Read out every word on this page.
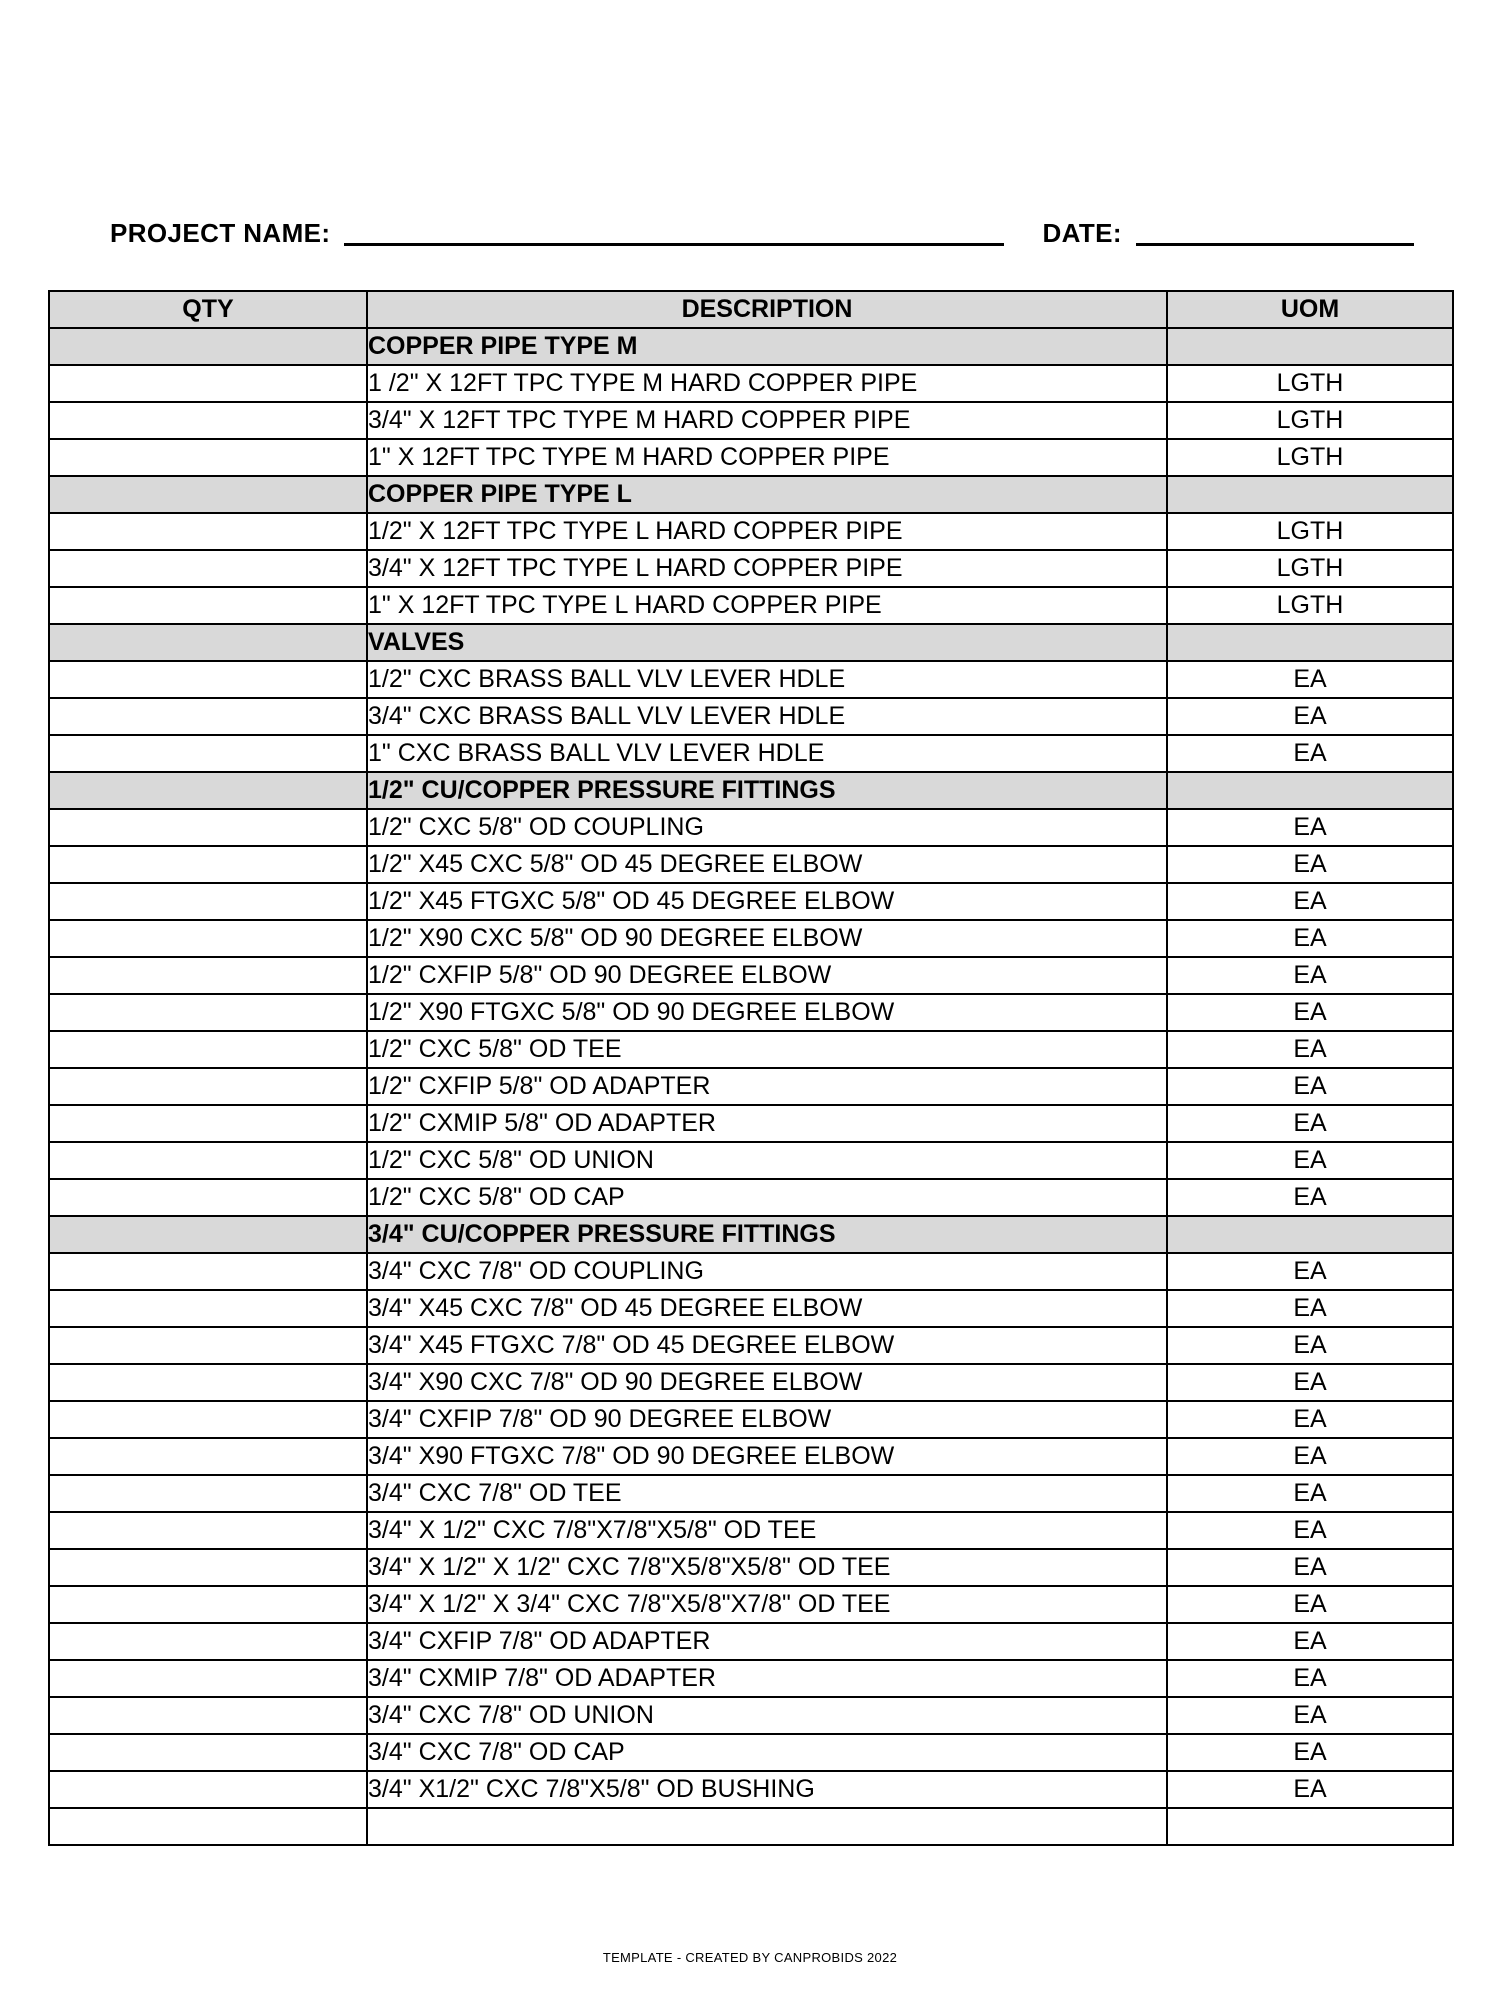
PROJECT NAME:	DATE:
QTY	DESCRIPTION	UOM
	COPPER PIPE TYPE M	
	1 /2" X 12FT TPC TYPE M HARD COPPER PIPE	LGTH
	3/4" X 12FT TPC TYPE M HARD COPPER PIPE	LGTH
	1" X 12FT TPC TYPE M HARD COPPER PIPE	LGTH
	COPPER PIPE TYPE L	
	1/2" X 12FT TPC TYPE L HARD COPPER PIPE	LGTH
	3/4" X 12FT TPC TYPE L HARD COPPER PIPE	LGTH
	1" X 12FT TPC TYPE L HARD COPPER PIPE	LGTH
	VALVES	
	1/2" CXC BRASS BALL VLV LEVER HDLE	EA
	3/4" CXC BRASS BALL VLV LEVER HDLE	EA
	1" CXC BRASS BALL VLV LEVER HDLE	EA
	1/2" CU/COPPER PRESSURE FITTINGS	
	1/2" CXC 5/8" OD COUPLING	EA
	1/2" X45 CXC 5/8" OD 45 DEGREE ELBOW	EA
	1/2" X45 FTGXC 5/8" OD 45 DEGREE ELBOW	EA
	1/2" X90 CXC 5/8" OD 90 DEGREE ELBOW	EA
	1/2" CXFIP 5/8" OD 90 DEGREE ELBOW	EA
	1/2" X90 FTGXC 5/8" OD 90 DEGREE ELBOW	EA
	1/2" CXC 5/8" OD TEE	EA
	1/2" CXFIP 5/8" OD ADAPTER	EA
	1/2" CXMIP 5/8" OD ADAPTER	EA
	1/2" CXC 5/8" OD UNION	EA
	1/2" CXC 5/8" OD CAP	EA
	3/4" CU/COPPER PRESSURE FITTINGS	
	3/4" CXC 7/8" OD COUPLING	EA
	3/4" X45 CXC 7/8" OD 45 DEGREE ELBOW	EA
	3/4" X45 FTGXC 7/8" OD 45 DEGREE ELBOW	EA
	3/4" X90 CXC 7/8" OD 90 DEGREE ELBOW	EA
	3/4" CXFIP 7/8" OD 90 DEGREE ELBOW	EA
	3/4" X90 FTGXC 7/8" OD 90 DEGREE ELBOW	EA
	3/4" CXC 7/8" OD TEE	EA
	3/4" X 1/2" CXC 7/8"X7/8"X5/8" OD TEE	EA
	3/4" X 1/2" X 1/2" CXC 7/8"X5/8"X5/8" OD TEE	EA
	3/4" X 1/2" X 3/4" CXC 7/8"X5/8"X7/8" OD TEE	EA
	3/4" CXFIP 7/8" OD ADAPTER	EA
	3/4" CXMIP 7/8" OD ADAPTER	EA
	3/4" CXC 7/8" OD UNION	EA
	3/4" CXC 7/8" OD CAP	EA
	3/4" X1/2" CXC 7/8"X5/8" OD BUSHING	EA

TEMPLATE - CREATED BY CANPROBIDS 2022
